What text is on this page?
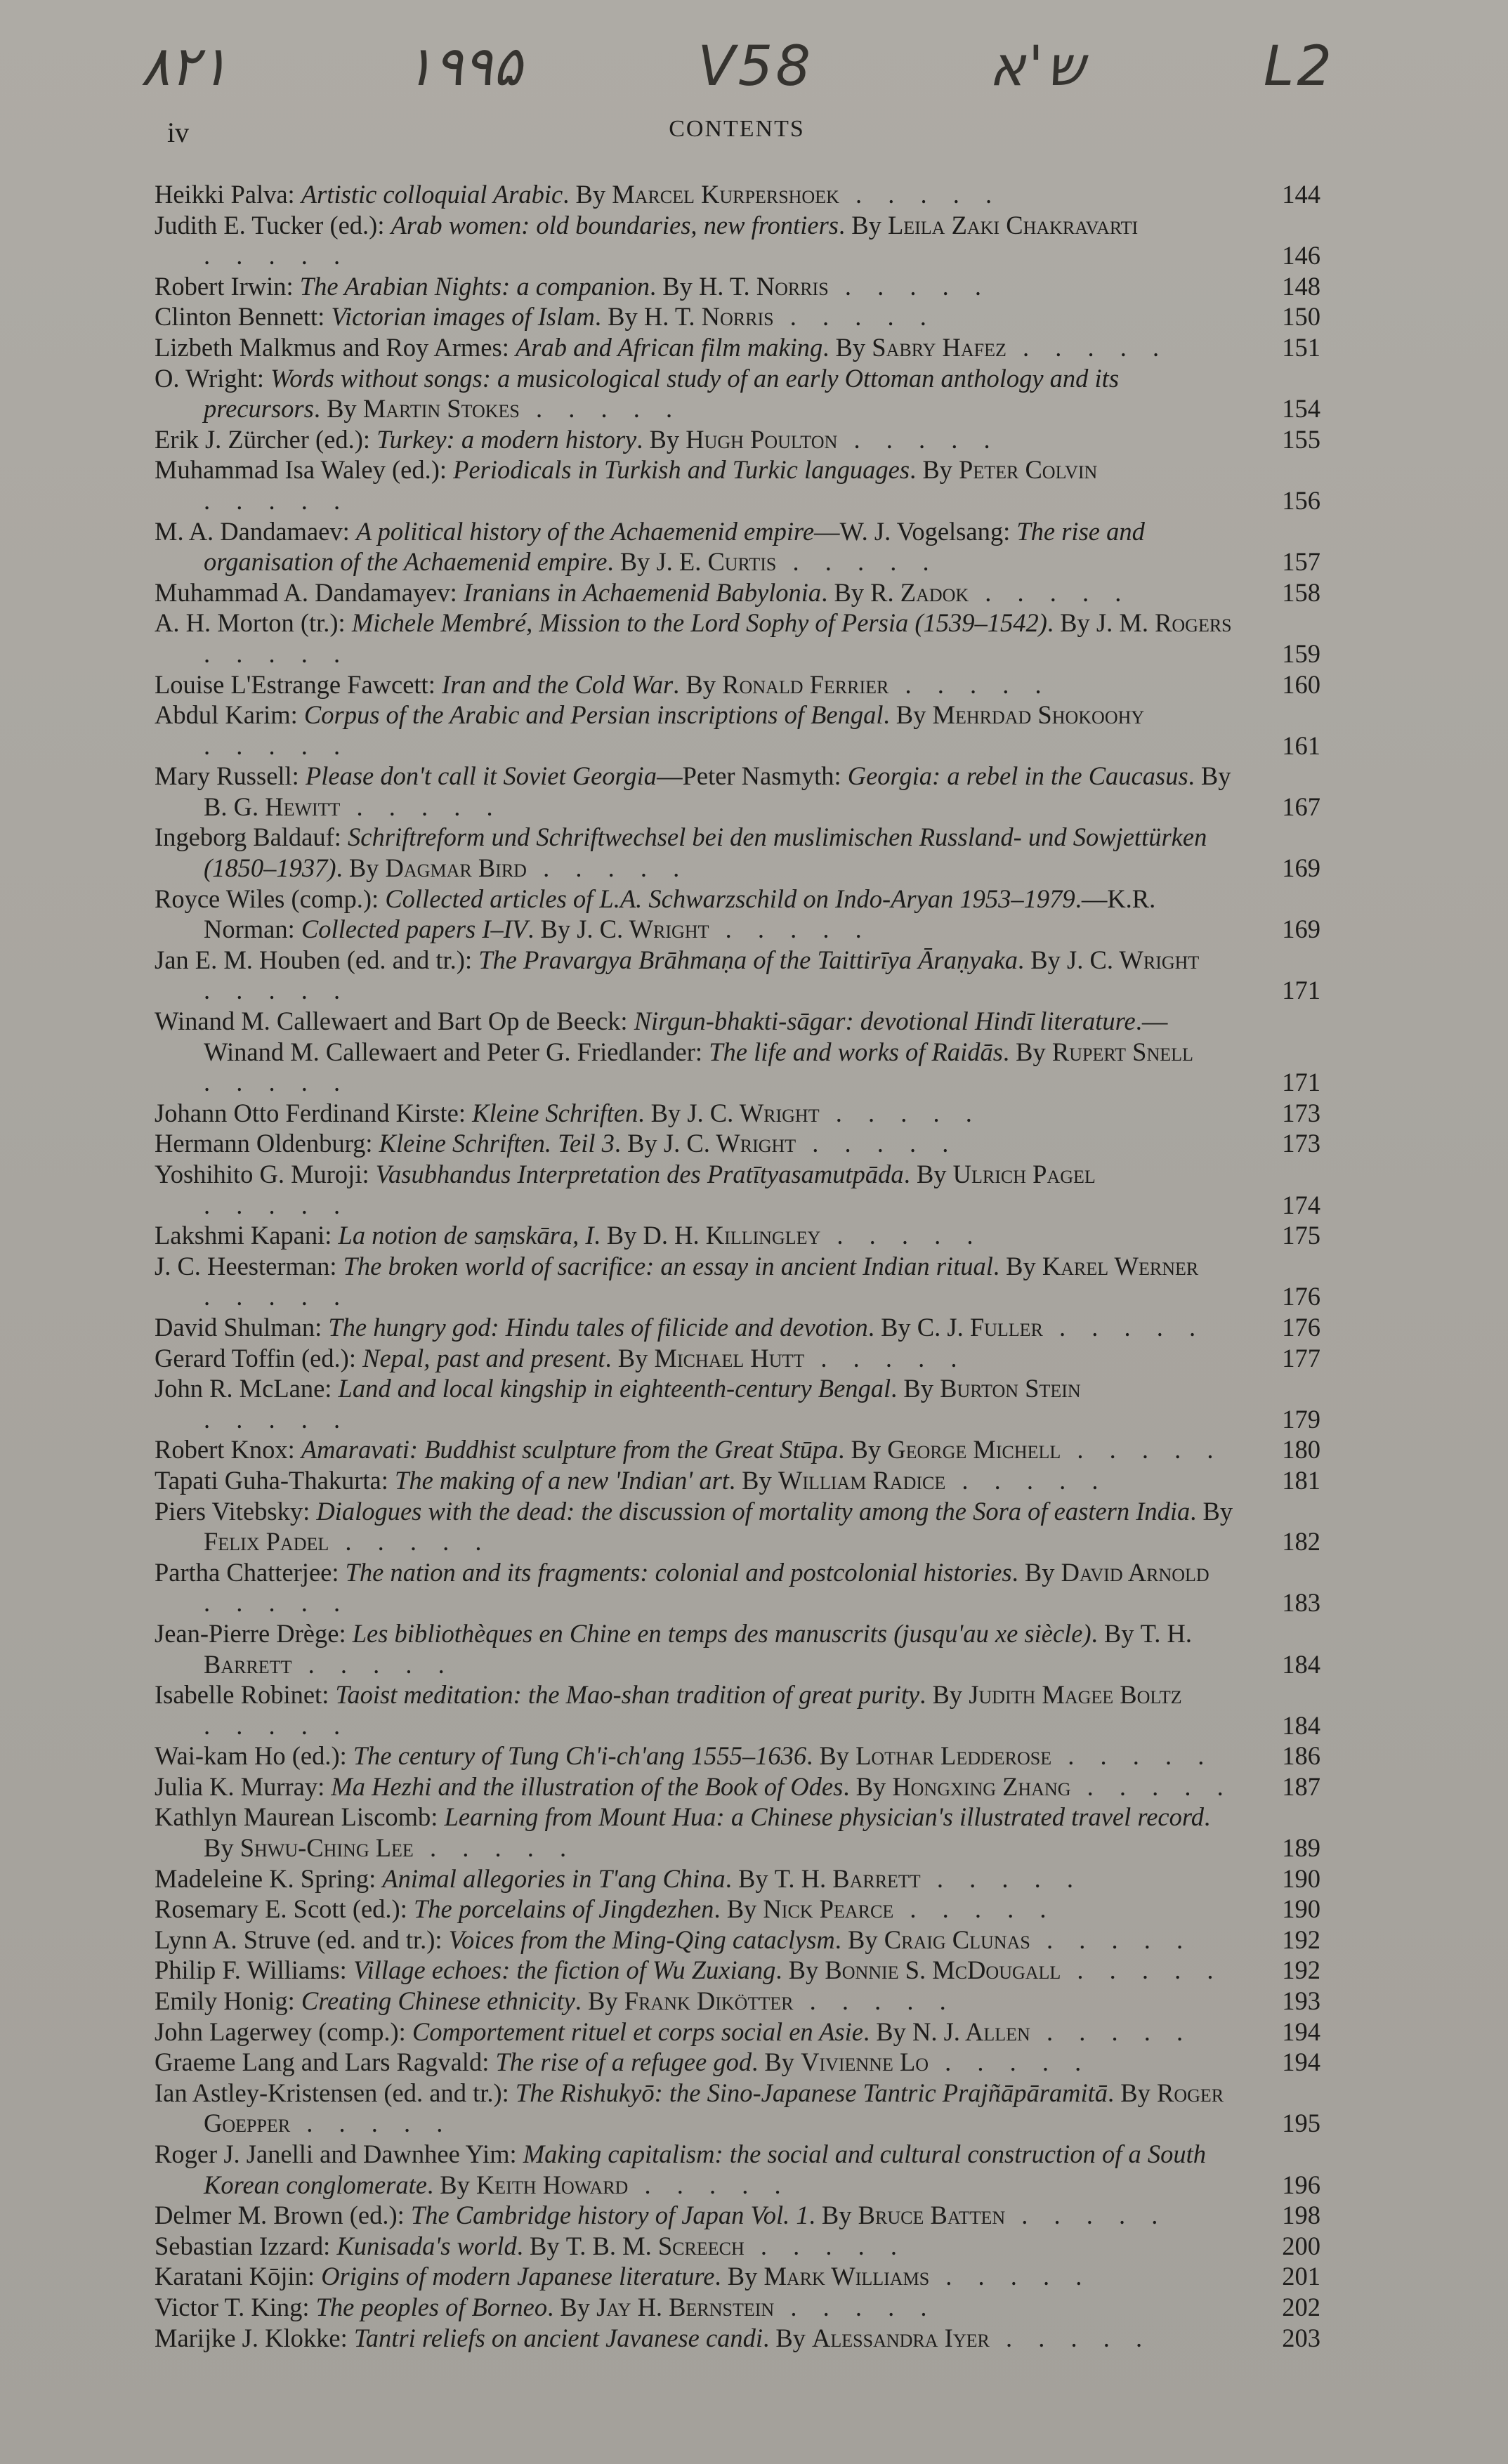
۸۲۱	۱۹۹۵	V58	ש'א	L2
iv	CONTENTS
Heikki Palva: Artistic colloquial Arabic. By Marcel Kurpershoek . . . . .	144
Judith E. Tucker (ed.): Arab women: old boundaries, new frontiers. By Leila Zaki Chakravarti . . . . .	146
Robert Irwin: The Arabian Nights: a companion. By H. T. Norris . . . . .	148
Clinton Bennett: Victorian images of Islam. By H. T. Norris . . . . .	150
Lizbeth Malkmus and Roy Armes: Arab and African film making. By Sabry Hafez . . . . .	151
O. Wright: Words without songs: a musicological study of an early Ottoman anthology and its precursors. By Martin Stokes . . . . .	154
Erik J. Zürcher (ed.): Turkey: a modern history. By Hugh Poulton . . . . .	155
Muhammad Isa Waley (ed.): Periodicals in Turkish and Turkic languages. By Peter Colvin . . . . .	156
M. A. Dandamaev: A political history of the Achaemenid empire—W. J. Vogelsang: The rise and organisation of the Achaemenid empire. By J. E. Curtis . . . . .	157
Muhammad A. Dandamayev: Iranians in Achaemenid Babylonia. By R. Zadok . . . . .	158
A. H. Morton (tr.): Michele Membré, Mission to the Lord Sophy of Persia (1539–1542). By J. M. Rogers . . . . .	159
Louise L'Estrange Fawcett: Iran and the Cold War. By Ronald Ferrier . . . . .	160
Abdul Karim: Corpus of the Arabic and Persian inscriptions of Bengal. By Mehrdad Shokoohy . . . . .	161
Mary Russell: Please don't call it Soviet Georgia—Peter Nasmyth: Georgia: a rebel in the Caucasus. By B. G. Hewitt . . . . .	167
Ingeborg Baldauf: Schriftreform und Schriftwechsel bei den muslimischen Russland- und Sowjettürken (1850–1937). By Dagmar Bird . . . . .	169
Royce Wiles (comp.): Collected articles of L.A. Schwarzschild on Indo-Aryan 1953–1979.—K.R. Norman: Collected papers I–IV. By J. C. Wright . . . . .	169
Jan E. M. Houben (ed. and tr.): The Pravargya Brāhmaṇa of the Taittirīya Āraṇyaka. By J. C. Wright . . . . .	171
Winand M. Callewaert and Bart Op de Beeck: Nirgun-bhakti-sāgar: devotional Hindī literature.—Winand M. Callewaert and Peter G. Friedlander: The life and works of Raidās. By Rupert Snell . . . . .	171
Johann Otto Ferdinand Kirste: Kleine Schriften. By J. C. Wright . . . . .	173
Hermann Oldenburg: Kleine Schriften. Teil 3. By J. C. Wright . . . . .	173
Yoshihito G. Muroji: Vasubhandus Interpretation des Pratītyasamutpāda. By Ulrich Pagel . . . . .	174
Lakshmi Kapani: La notion de saṃskāra, I. By D. H. Killingley . . . . .	175
J. C. Heesterman: The broken world of sacrifice: an essay in ancient Indian ritual. By Karel Werner . . . . .	176
David Shulman: The hungry god: Hindu tales of filicide and devotion. By C. J. Fuller . . . . .	176
Gerard Toffin (ed.): Nepal, past and present. By Michael Hutt . . . . .	177
John R. McLane: Land and local kingship in eighteenth-century Bengal. By Burton Stein . . . . .	179
Robert Knox: Amaravati: Buddhist sculpture from the Great Stūpa. By George Michell . . . . .	180
Tapati Guha-Thakurta: The making of a new 'Indian' art. By William Radice . . . . .	181
Piers Vitebsky: Dialogues with the dead: the discussion of mortality among the Sora of eastern India. By Felix Padel . . . . .	182
Partha Chatterjee: The nation and its fragments: colonial and postcolonial histories. By David Arnold . . . . .	183
Jean-Pierre Drège: Les bibliothèques en Chine en temps des manuscrits (jusqu'au xe siècle). By T. H. Barrett . . . . .	184
Isabelle Robinet: Taoist meditation: the Mao-shan tradition of great purity. By Judith Magee Boltz . . . . .	184
Wai-kam Ho (ed.): The century of Tung Ch'i-ch'ang 1555–1636. By Lothar Ledderose . . . . .	186
Julia K. Murray: Ma Hezhi and the illustration of the Book of Odes. By Hongxing Zhang . . . . .	187
Kathlyn Maurean Liscomb: Learning from Mount Hua: a Chinese physician's illustrated travel record. By Shwu-Ching Lee . . . . .	189
Madeleine K. Spring: Animal allegories in T'ang China. By T. H. Barrett . . . . .	190
Rosemary E. Scott (ed.): The porcelains of Jingdezhen. By Nick Pearce . . . . .	190
Lynn A. Struve (ed. and tr.): Voices from the Ming-Qing cataclysm. By Craig Clunas . . . . .	192
Philip F. Williams: Village echoes: the fiction of Wu Zuxiang. By Bonnie S. McDougall . . . . .	192
Emily Honig: Creating Chinese ethnicity. By Frank Dikötter . . . . .	193
John Lagerwey (comp.): Comportement rituel et corps social en Asie. By N. J. Allen . . . . .	194
Graeme Lang and Lars Ragvald: The rise of a refugee god. By Vivienne Lo . . . . .	194
Ian Astley-Kristensen (ed. and tr.): The Rishukyō: the Sino-Japanese Tantric Prajñāpāramitā. By Roger Goepper . . . . .	195
Roger J. Janelli and Dawnhee Yim: Making capitalism: the social and cultural construction of a South Korean conglomerate. By Keith Howard . . . . .	196
Delmer M. Brown (ed.): The Cambridge history of Japan Vol. 1. By Bruce Batten . . . . .	198
Sebastian Izzard: Kunisada's world. By T. B. M. Screech . . . . .	200
Karatani Kōjin: Origins of modern Japanese literature. By Mark Williams . . . . .	201
Victor T. King: The peoples of Borneo. By Jay H. Bernstein . . . . .	202
Marijke J. Klokke: Tantri reliefs on ancient Javanese candi. By Alessandra Iyer . . . . .	203
